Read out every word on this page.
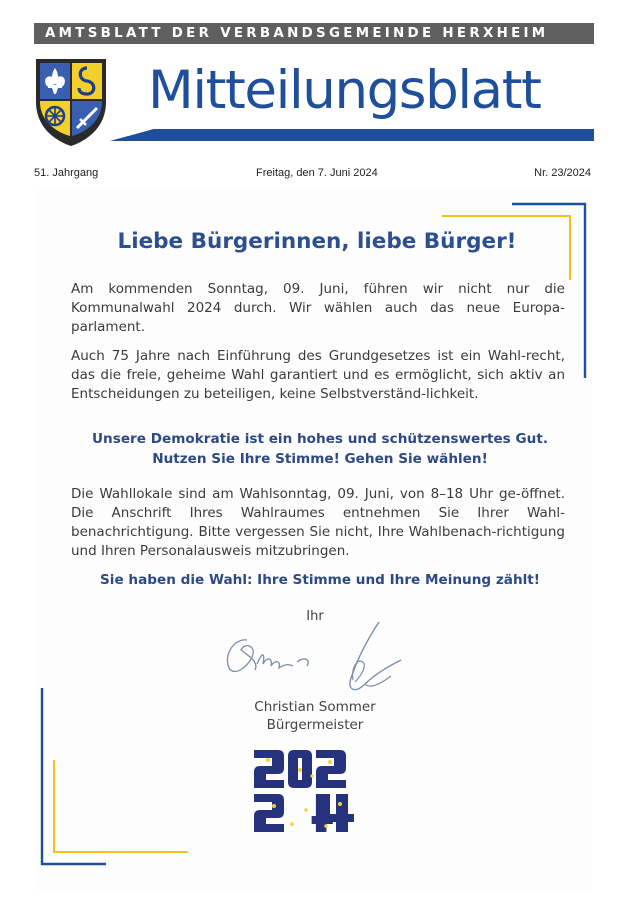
AMTSBLATT DER VERBANDSGEMEINDE HERXHEIM
Mitteilungsblatt
51. Jahrgang	Freitag, den 7. Juni 2024	Nr. 23/2024
Liebe Bürgerinnen, liebe Bürger!

Am kommenden Sonntag, 09. Juni, führen wir nicht nur die Kommunalwahl 2024 durch. Wir wählen auch das neue Europa-parlament.

Auch 75 Jahre nach Einführung des Grundgesetzes ist ein Wahl-recht, das die freie, geheime Wahl garantiert und es ermöglicht, sich aktiv an Entscheidungen zu beteiligen, keine Selbstverständ-lichkeit.

Unsere Demokratie ist ein hohes und schützenswertes Gut.

Nutzen Sie Ihre Stimme! Gehen Sie wählen!

Die Wahllokale sind am Wahlsonntag, 09. Juni, von 8–18 Uhr ge-öffnet. Die Anschrift Ihres Wahlraumes entnehmen Sie Ihrer Wahl-benachrichtigung. Bitte vergessen Sie nicht, Ihre Wahlbenach-richtigung und Ihren Personalausweis mitzubringen.

Sie haben die Wahl: Ihre Stimme und Ihre Meinung zählt!

Ihr
Christian Sommer
Bürgermeister
